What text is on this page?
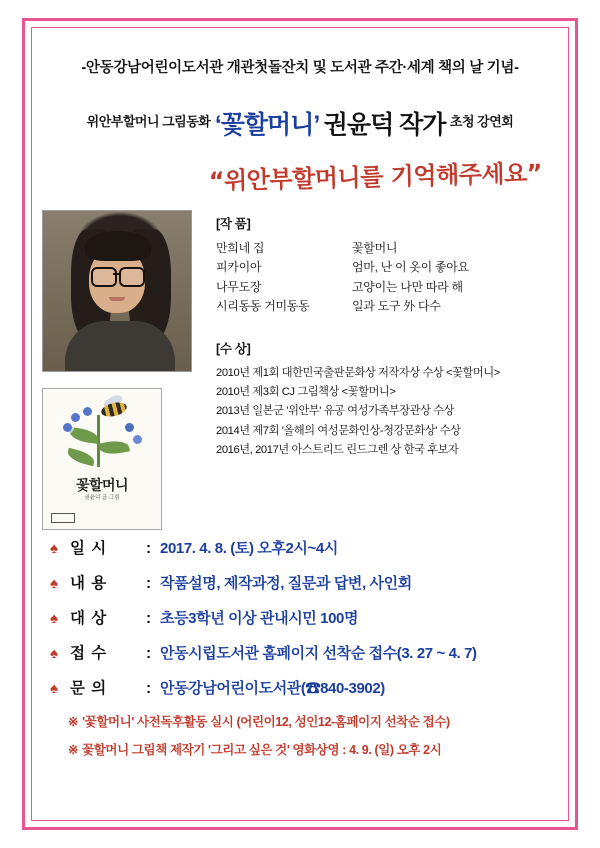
-안동강남어린이도서관 개관첫돌잔치 및 도서관 주간·세계 책의 날 기념-
$^{위안부할머니 그림동화}$ ‘꽃할머니’ 권윤덕 작가 $^{초청 강연회}$
“위안부할머니를 기억해주세요”
꽃할머니
권윤덕 글·그림
[작 품]
만희네 집	꽃할머니
피카이아	엄마, 난 이 옷이 좋아요
나무도장	고양이는 나만 따라 해
시리동동 거미동동	일과 도구 外 다수
[수 상]
2010년 제1회 대한민국출판문화상 저작자상 수상 <꽃할머니>
2010년 제3회 CJ 그림책상 <꽃할머니>
2013년 일본군 '위안부' 유공 여성가족부장관상 수상
2014년 제7회 '올해의 여성문화인상-청강문화상' 수상
2016년, 2017년 아스트리드 린드그렌 상 한국 후보자
♠ 일 시	: 2017. 4. 8. (토) 오후2시~4시
♠ 내 용	: 작품설명, 제작과정, 질문과 답변, 사인회
♠ 대 상	: 초등3학년 이상 관내시민 100명
♠ 접 수	: 안동시립도서관 홈페이지 선착순 접수(3. 27 ~ 4. 7)
♠ 문 의	: 안동강남어린이도서관(☎840-3902)
※ '꽃할머니' 사전독후활동 실시 (어린이12, 성인12-홈페이지 선착순 접수)
※ 꽃할머니 그림책 제작기 '그리고 싶은 것' 영화상영 : 4. 9. (일) 오후 2시
